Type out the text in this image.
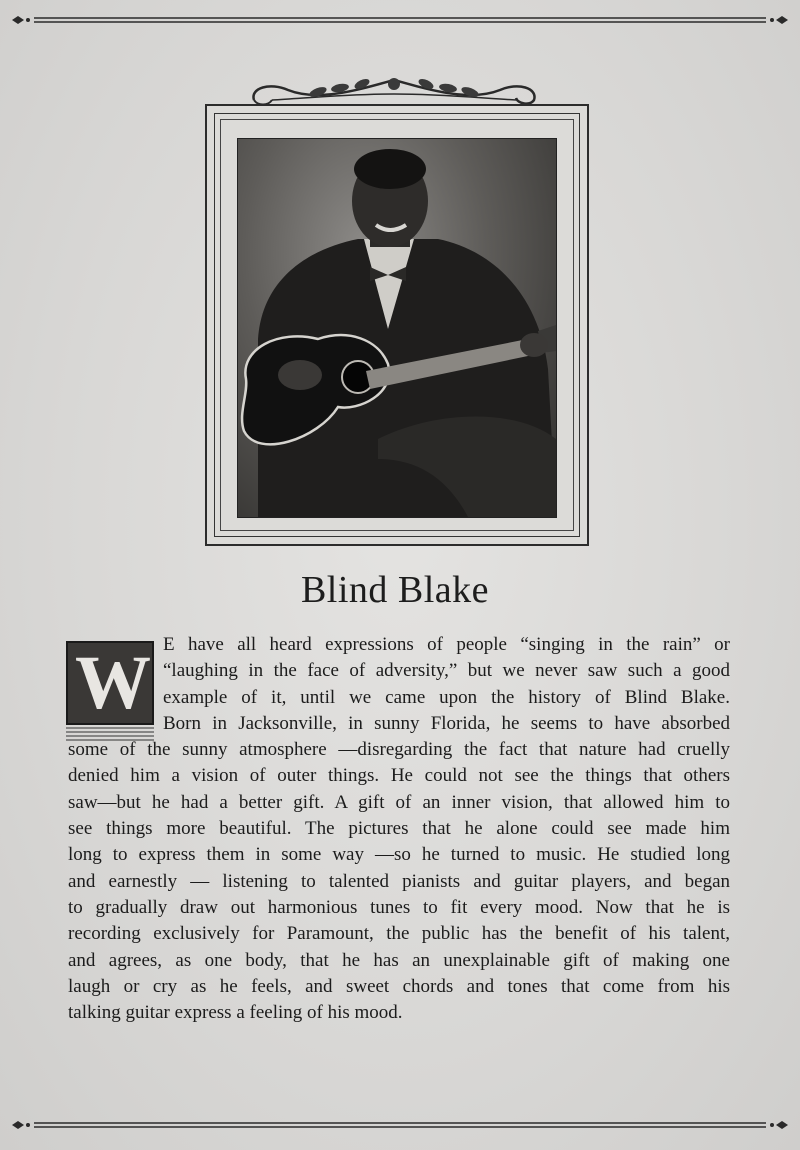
Blind Blake
W E have all heard expressions of people “singing in the rain” or
“laughing in the face of adversity,” but we never saw such a good
example of it, until we came upon the history of Blind Blake.
Born in Jacksonville, in sunny Florida, he seems to have absorbed
some of the sunny atmosphere —disregarding the fact that nature had cruelly
denied him a vision of outer things. He could not see the things that others
saw—but he had a better gift. A gift of an inner vision, that allowed him to
see things more beautiful. The pictures that he alone could see made him
long to express them in some way —so he turned to music. He studied long
and earnestly — listening to talented pianists and guitar players, and began
to gradually draw out harmonious tunes to fit every mood. Now that he is
recording exclusively for Paramount, the public has the benefit of his talent,
and agrees, as one body, that he has an unexplainable gift of making one
laugh or cry as he feels, and sweet chords and tones that come from his
talking guitar express a feeling of his mood.
